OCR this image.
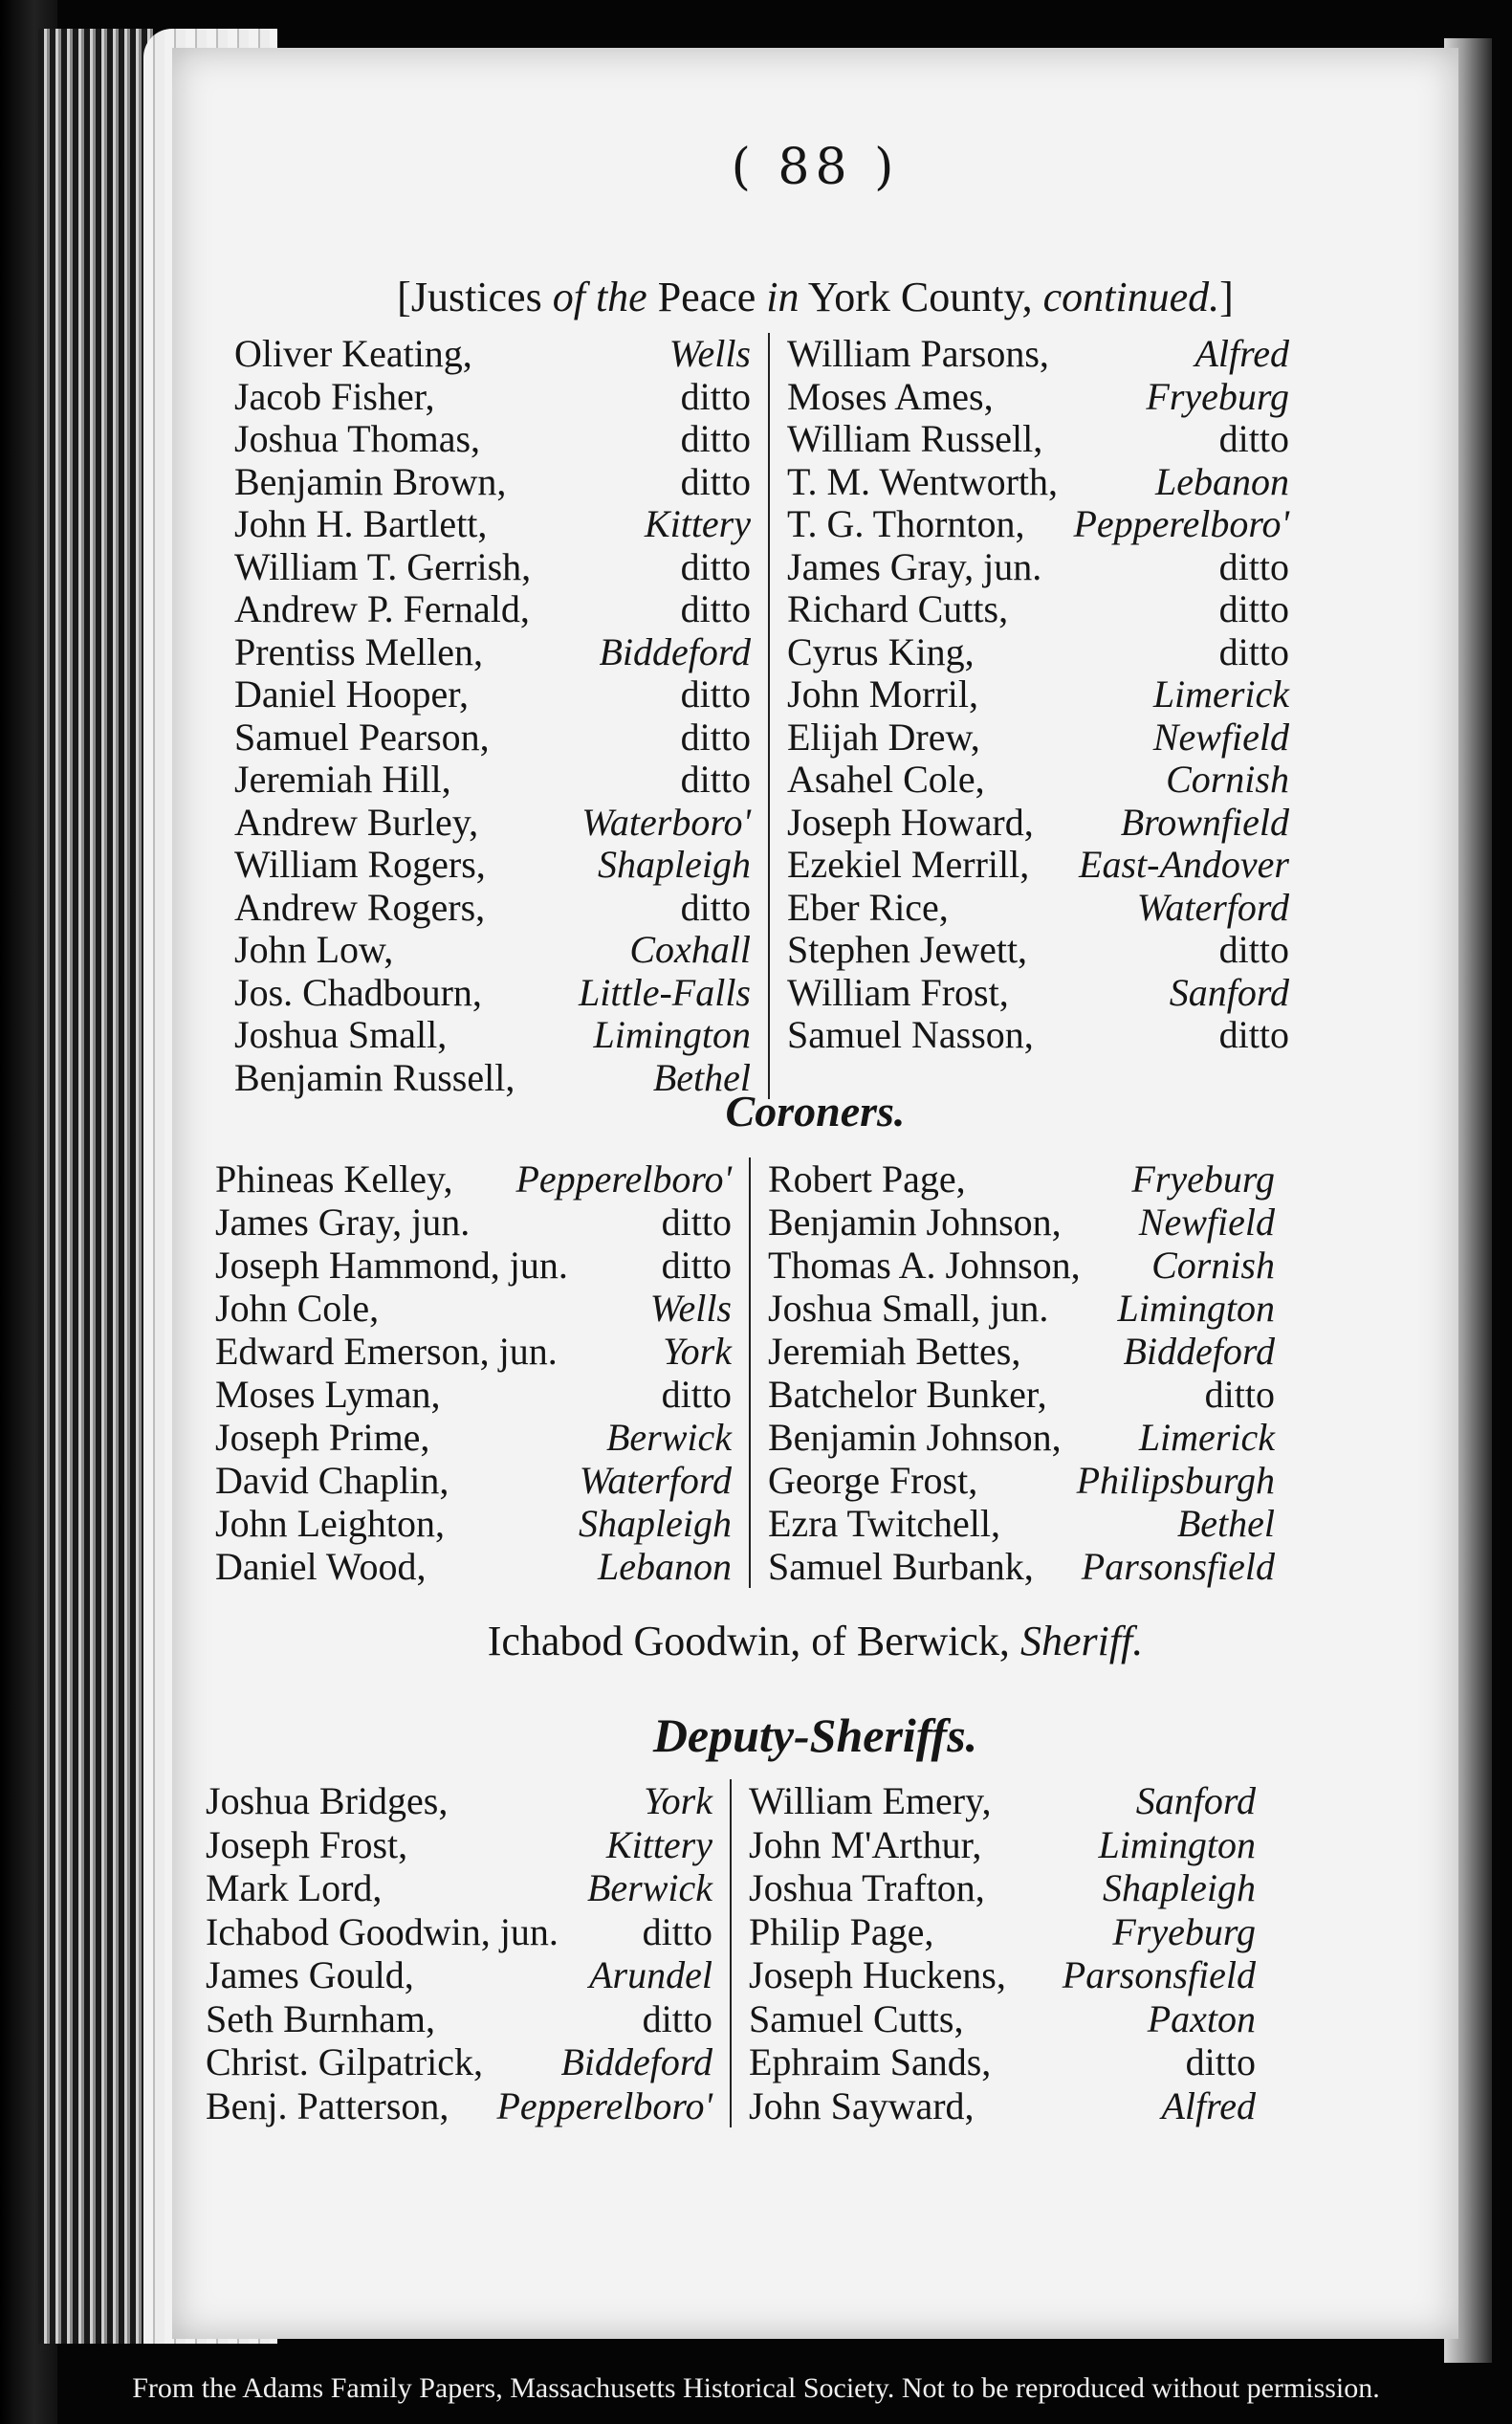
( 88 )
[Justices of the Peace in York County, continued.]
Oliver Keating,	Wells
Jacob Fisher,	ditto
Joshua Thomas,	ditto
Benjamin Brown,	ditto
John H. Bartlett,	Kittery
William T. Gerrish,	ditto
Andrew P. Fernald,	ditto
Prentiss Mellen,	Biddeford
Daniel Hooper,	ditto
Samuel Pearson,	ditto
Jeremiah Hill,	ditto
Andrew Burley,	Waterboro'
William Rogers,	Shapleigh
Andrew Rogers,	ditto
John Low,	Coxhall
Jos. Chadbourn,	Little-Falls
Joshua Small,	Limington
Benjamin Russell,	Bethel
William Parsons,	Alfred
Moses Ames,	Fryeburg
William Russell,	ditto
T. M. Wentworth,	Lebanon
T. G. Thornton, Pepperelboro'
James Gray, jun.	ditto
Richard Cutts,	ditto
Cyrus King,	ditto
John Morril,	Limerick
Elijah Drew,	Newfield
Asahel Cole,	Cornish
Joseph Howard, Brownfield
Ezekiel Merrill, East-Andover
Eber Rice,	Waterford
Stephen Jewett,	ditto
William Frost,	Sanford
Samuel Nasson,	ditto
Coroners.
Phineas Kelley, Pepperelboro'
James Gray, jun.	ditto
Joseph Hammond, jun. ditto
John Cole,	Wells
Edward Emerson, jun.	York
Moses Lyman,	ditto
Joseph Prime,	Berwick
David Chaplin,	Waterford
John Leighton,	Shapleigh
Daniel Wood,	Lebanon
Robert Page,	Fryeburg
Benjamin Johnson, Newfield
Thomas A. Johnson, Cornish
Joshua Small, jun. Limington
Jeremiah Bettes,	Biddeford
Batchelor Bunker,	ditto
Benjamin Johnson, Limerick
George Frost,	Philipsburgh
Ezra Twitchell,	Bethel
Samuel Burbank, Parsonsfield
Ichabod Goodwin, of Berwick, Sheriff.
Deputy-Sheriffs.
Joshua Bridges,	York
Joseph Frost,	Kittery
Mark Lord,	Berwick
Ichabod Goodwin, jun. ditto
James Gould,	Arundel
Seth Burnham,	ditto
Christ. Gilpatrick, Biddeford
Benj. Patterson, Pepperelboro'
William Emery,	Sanford
John M'Arthur,	Limington
Joshua Trafton,	Shapleigh
Philip Page,	Fryeburg
Joseph Huckens, Parsonsfield
Samuel Cutts,	Paxton
Ephraim Sands,	ditto
John Sayward,	Alfred
From the Adams Family Papers, Massachusetts Historical Society. Not to be reproduced without permission.
